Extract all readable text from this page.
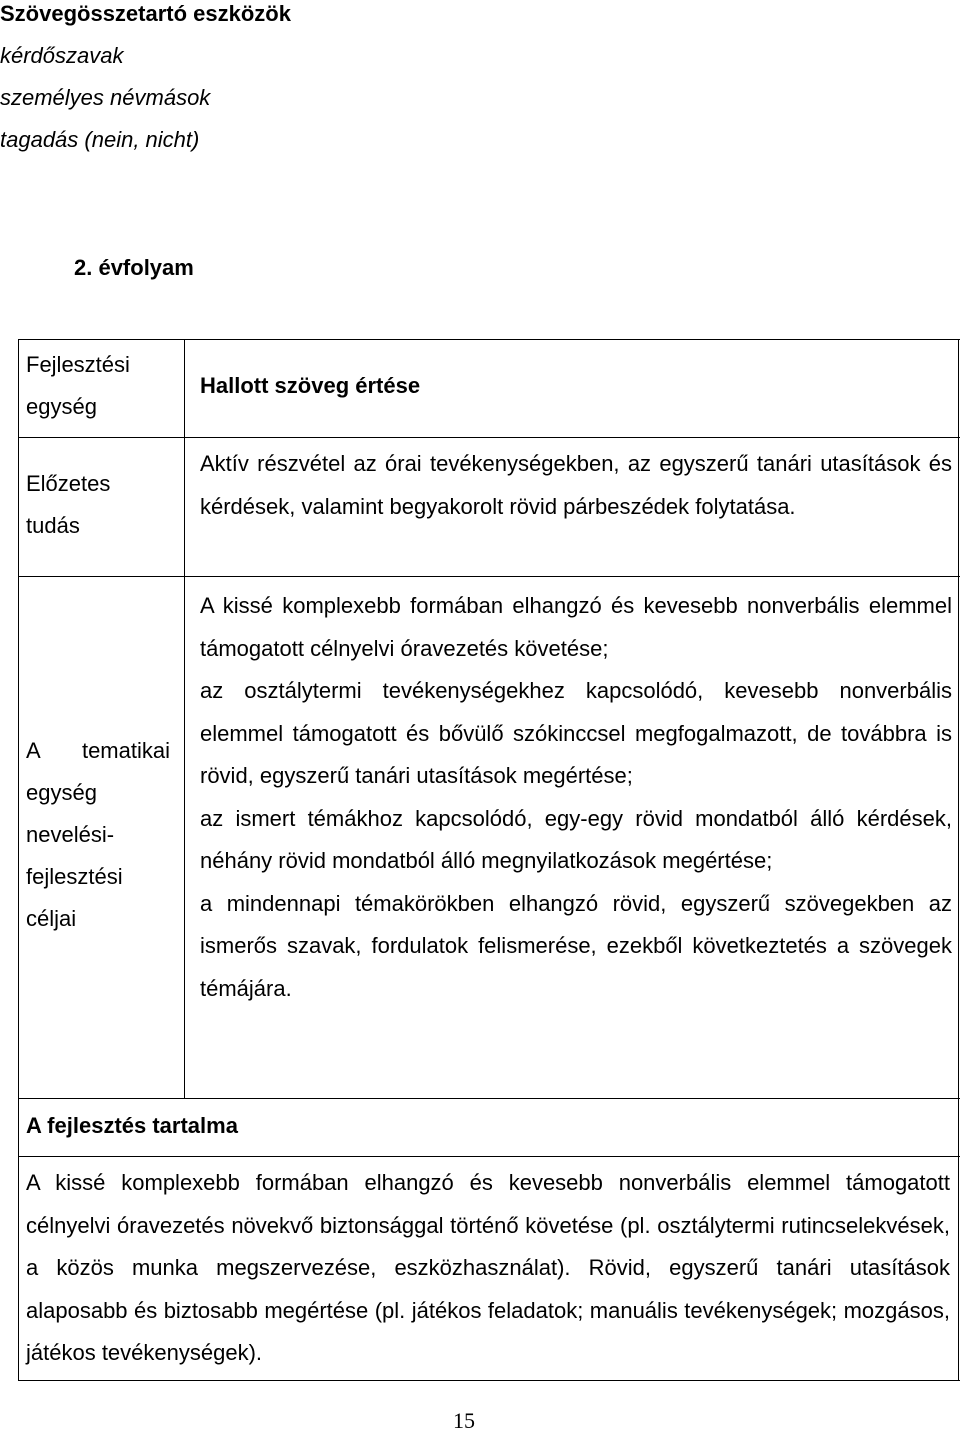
Szövegösszetartó eszközök
kérdőszavak
személyes névmások
tagadás (nein, nicht)
2. évfolyam
Fejlesztési
egység
Hallott szöveg értése
Előzetes
tudás
Aktív részvétel az órai tevékenységekben, az egyszerű tanári utasítások és kérdések, valamint begyakorolt rövid párbeszédek folytatása.
A tematikai
egység
nevelési-
fejlesztési
céljai

A kissé komplexebb formában elhangzó és kevesebb nonverbális elemmel támogatott célnyelvi óravezetés követése;

az osztálytermi tevékenységekhez kapcsolódó, kevesebb nonverbális elemmel támogatott és bővülő szókinccsel megfogalmazott, de továbbra is rövid, egyszerű tanári utasítások megértése;

az ismert témákhoz kapcsolódó, egy-egy rövid mondatból álló kérdések, néhány rövid mondatból álló megnyilatkozások megértése;

a mindennapi témakörökben elhangzó rövid, egyszerű szövegekben az ismerős szavak, fordulatok felismerése, ezekből következtetés a szövegek témájára.

A fejlesztés tartalma
A kissé komplexebb formában elhangzó és kevesebb nonverbális elemmel támogatott célnyelvi óravezetés növekvő biztonsággal történő követése (pl. osztálytermi rutincselekvések, a közös munka megszervezése, eszközhasználat). Rövid, egyszerű tanári utasítások alaposabb és biztosabb megértése (pl. játékos feladatok; manuális tevékenységek; mozgásos, játékos tevékenységek).
15
